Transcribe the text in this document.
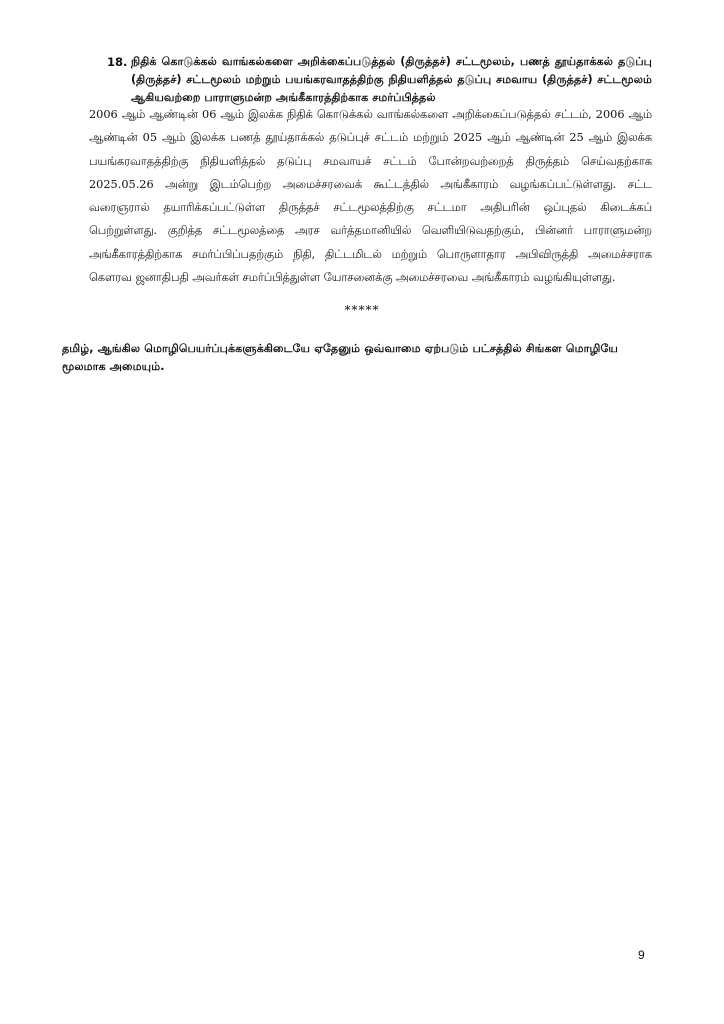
18. நிதிக் கொடுக்கல் வாங்கல்களை அறிக்கைப்படுத்தல் (திருத்தச்) சட்டமூலம், பணத் தூய்தாக்கல் தடுப்பு (திருத்தச்) சட்டமூலம் மற்றும் பயங்கரவாதத்திற்கு நிதியளித்தல் தடுப்பு சமவாய (திருத்தச்) சட்டமூலம் ஆகியவற்றை பாராளுமன்ற அங்கீகாரத்திற்காக சமர்ப்பித்தல்

2006 ஆம் ஆண்டின் 06 ஆம் இலக்க நிதிக் கொடுக்கல் வாங்கல்களை அறிக்கைப்படுத்தல் சட்டம், 2006 ஆம் ஆண்டின் 05 ஆம் இலக்க பணத் தூய்தாக்கல் தடுப்புச் சட்டம் மற்றும் 2025 ஆம் ஆண்டின் 25 ஆம் இலக்க பயங்கரவாதத்திற்கு நிதியளித்தல் தடுப்பு சமவாயச் சட்டம் போன்றவற்றைத் திருத்தம் செய்வதற்காக 2025.05.26 அன்று இடம்பெற்ற அமைச்சரவைக் கூட்டத்தில் அங்கீகாரம் வழங்கப்பட்டுள்ளது. சட்ட வரைஞரால் தயாரிக்கப்பட்டுள்ள திருத்தச் சட்டமூலத்திற்கு சட்டமா அதிபரின் ஒப்புதல் கிடைக்கப் பெற்றுள்ளது. குறித்த சட்டமூலத்தை அரச வர்த்தமானியில் வெளியிடுவதற்கும், பின்னர் பாராளுமன்ற அங்கீகாரத்திற்காக சமர்ப்பிப்பதற்கும் நிதி, திட்டமிடல் மற்றும் பொருளாதார அபிவிருத்தி அமைச்சராக கௌரவ ஜனாதிபதி அவர்கள் சமர்ப்பித்துள்ள யோசனைக்கு அமைச்சரவை அங்கீகாரம் வழங்கியுள்ளது.

*****

தமிழ், ஆங்கில மொழிபெயர்ப்புக்களுக்கிடையே ஏதேனும் ஒவ்வாமை ஏற்படும் பட்சத்தில் சிங்கள மொழியே மூலமாக அமையும்.

9
